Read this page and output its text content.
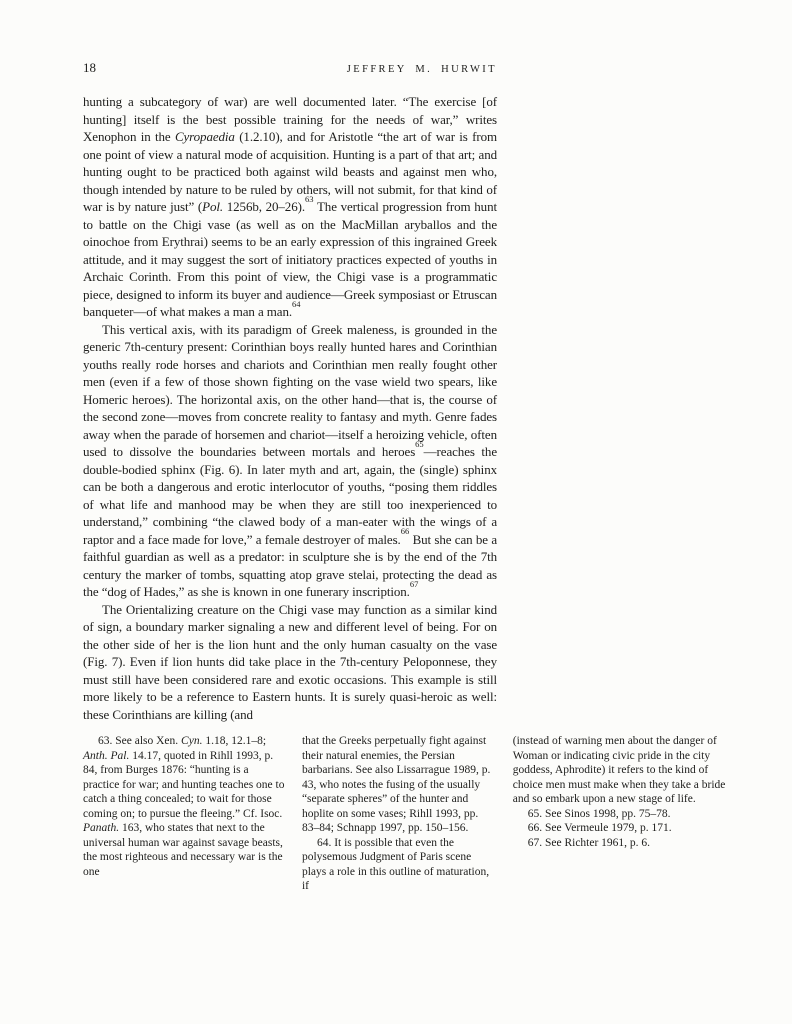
18	JEFFREY M. HURWIT

hunting a subcategory of war) are well documented later. “The exercise [of hunting] itself is the best possible training for the needs of war,” writes Xenophon in the Cyropaedia (1.2.10), and for Aristotle “the art of war is from one point of view a natural mode of acquisition. Hunting is a part of that art; and hunting ought to be practiced both against wild beasts and against men who, though intended by nature to be ruled by others, will not submit, for that kind of war is by nature just” (Pol. 1256b, 20–26).$^{63}$ The vertical progression from hunt to battle on the Chigi vase (as well as on the MacMillan aryballos and the oinochoe from Erythrai) seems to be an early expression of this ingrained Greek attitude, and it may suggest the sort of initiatory practices expected of youths in Archaic Corinth. From this point of view, the Chigi vase is a programmatic piece, designed to inform its buyer and audience—Greek symposiast or Etruscan banqueter—of what makes a man a man.$^{64}$

This vertical axis, with its paradigm of Greek maleness, is grounded in the generic 7th-century present: Corinthian boys really hunted hares and Corinthian youths really rode horses and chariots and Corinthian men really fought other men (even if a few of those shown fighting on the vase wield two spears, like Homeric heroes). The horizontal axis, on the other hand—that is, the course of the second zone—moves from concrete reality to fantasy and myth. Genre fades away when the parade of horsemen and chariot—itself a heroizing vehicle, often used to dissolve the boundaries between mortals and heroes$^{65}$—reaches the double-bodied sphinx (Fig. 6). In later myth and art, again, the (single) sphinx can be both a dangerous and erotic interlocutor of youths, “posing them riddles of what life and manhood may be when they are still too inexperienced to understand,” combining “the clawed body of a man-eater with the wings of a raptor and a face made for love,” a female destroyer of males.$^{66}$ But she can be a faithful guardian as well as a predator: in sculpture she is by the end of the 7th century the marker of tombs, squatting atop grave stelai, protecting the dead as the “dog of Hades,” as she is known in one funerary inscription.$^{67}$

The Orientalizing creature on the Chigi vase may function as a similar kind of sign, a boundary marker signaling a new and different level of being. For on the other side of her is the lion hunt and the only human casualty on the vase (Fig. 7). Even if lion hunts did take place in the 7th-century Peloponnese, they must still have been considered rare and exotic occasions. This example is still more likely to be a reference to Eastern hunts. It is surely quasi-heroic as well: these Corinthians are killing (and

63. See also Xen. Cyn. 1.18, 12.1–8; Anth. Pal. 14.17, quoted in Rihll 1993, p. 84, from Burges 1876: “hunting is a practice for war; and hunting teaches one to catch a thing concealed; to wait for those coming on; to pursue the fleeing.” Cf. Isoc. Panath. 163, who states that next to the universal human war against savage beasts, the most righteous and necessary war is the one

that the Greeks perpetually fight against their natural enemies, the Persian barbarians. See also Lissarrague 1989, p. 43, who notes the fusing of the usually “separate spheres” of the hunter and hoplite on some vases; Rihll 1993, pp. 83–84; Schnapp 1997, pp. 150–156.

64. It is possible that even the polysemous Judgment of Paris scene plays a role in this outline of maturation, if

(instead of warning men about the danger of Woman or indicating civic pride in the city goddess, Aphrodite) it refers to the kind of choice men must make when they take a bride and so embark upon a new stage of life.

65. See Sinos 1998, pp. 75–78.

66. See Vermeule 1979, p. 171.

67. See Richter 1961, p. 6.
